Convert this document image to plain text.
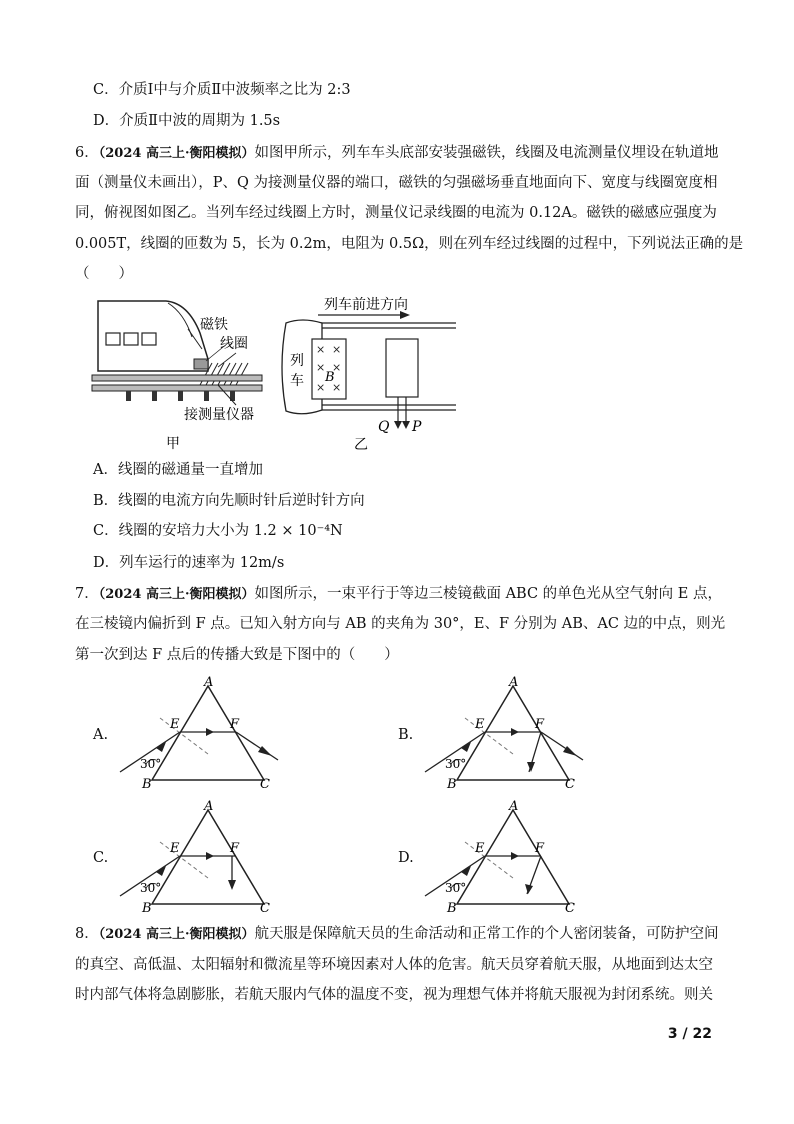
C．介质Ⅰ中与介质Ⅱ中波频率之比为 2:3
D．介质Ⅱ中波的周期为 1.5s
6．（2024 高三上·衡阳模拟）如图甲所示，列车车头底部安装强磁铁，线圈及电流测量仪埋设在轨道地
面（测量仪未画出），P、Q 为接测量仪器的端口，磁铁的匀强磁场垂直地面向下、宽度与线圈宽度相
同，俯视图如图乙。当列车经过线圈上方时，测量仪记录线圈的电流为 0.12A。磁铁的磁感应强度为
0.005T，线圈的匝数为 5，长为 0.2m，电阻为 0.5Ω，则在列车经过线圈的过程中，下列说法正确的是
（　　）
磁铁
线圈
接测量仪器
甲
列车前进方向
列
车
× ×
× ×
× ×
B
Q P
乙
A．线圈的磁通量一直增加
B．线圈的电流方向先顺时针后逆时针方向
C．线圈的安培力大小为 1.2 × 10⁻⁴N
D．列车运行的速率为 12m/s
7．（2024 高三上·衡阳模拟）如图所示，一束平行于等边三棱镜截面 ABC 的单色光从空气射向 E 点，
在三棱镜内偏折到 F 点。已知入射方向与 AB 的夹角为 30°，E、F 分别为 AB、AC 边的中点，则光
第一次到达 F 点后的传播大致是下图中的（　　）
A.	B.
C.	D.
A
B	C
E	F
30°
A
B	C
E	F
30°
A
B	C
E	F
30°
A
B	C
E	F
30°
8．（2024 高三上·衡阳模拟）航天服是保障航天员的生命活动和正常工作的个人密闭装备，可防护空间
的真空、高低温、太阳辐射和微流星等环境因素对人体的危害。航天员穿着航天服，从地面到达太空
时内部气体将急剧膨胀，若航天服内气体的温度不变，视为理想气体并将航天服视为封闭系统。则关
3 / 22
